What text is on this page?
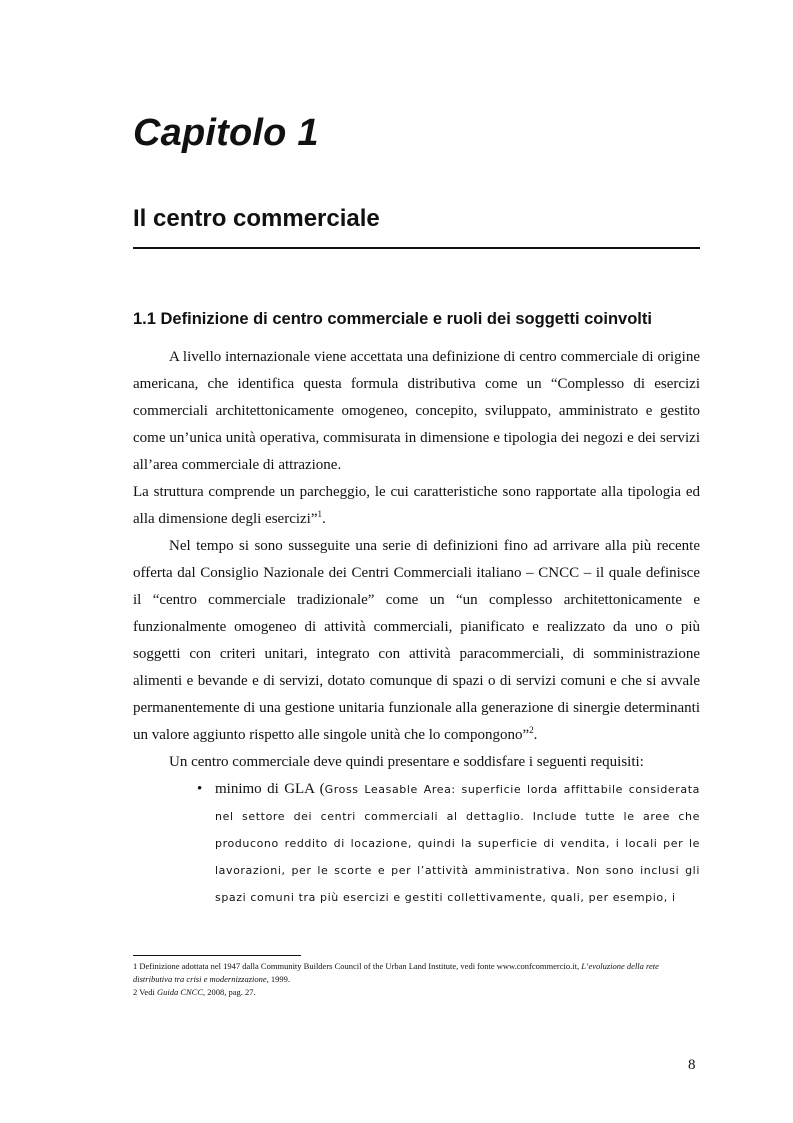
Capitolo 1
Il centro commerciale
1.1 Definizione di centro commerciale e ruoli dei soggetti coinvolti

A livello internazionale viene accettata una definizione di centro commerciale di origine americana, che identifica questa formula distributiva come un “Complesso di esercizi commerciali architettonicamente omogeneo, concepito, sviluppato, amministrato e gestito come un’unica unità operativa, commisurata in dimensione e tipologia dei negozi e dei servizi all’area commerciale di attrazione.

La struttura comprende un parcheggio, le cui caratteristiche sono rapportate alla tipologia ed alla dimensione degli esercizi”$^1$.

Nel tempo si sono susseguite una serie di definizioni fino ad arrivare alla più recente offerta dal Consiglio Nazionale dei Centri Commerciali italiano – CNCC – il quale definisce il “centro commerciale tradizionale” come un “un complesso architettonicamente e funzionalmente omogeneo di attività commerciali, pianificato e realizzato da uno o più soggetti con criteri unitari, integrato con attività paracommerciali, di somministrazione alimenti e bevande e di servizi, dotato comunque di spazi o di servizi comuni e che si avvale permanentemente di una gestione unitaria funzionale alla generazione di sinergie determinanti un valore aggiunto rispetto alle singole unità che lo compongono”$^2$.

Un centro commerciale deve quindi presentare e soddisfare i seguenti requisiti:

• minimo di GLA (Gross Leasable Area: superficie lorda affittabile considerata nel settore dei centri commerciali al dettaglio. Include tutte le aree che producono reddito di locazione, quindi la superficie di vendita, i locali per le lavorazioni, per le scorte e per l’attività amministrativa. Non sono inclusi gli spazi comuni tra più esercizi e gestiti collettivamente, quali, per esempio, i

1 Definizione adottata nel 1947 dalla Community Builders Council of the Urban Land Institute, vedi fonte www.confcommercio.it, L’evoluzione della rete distributiva tra crisi e modernizzazione, 1999.

2 Vedi Guida CNCC, 2008, pag. 27.

8
